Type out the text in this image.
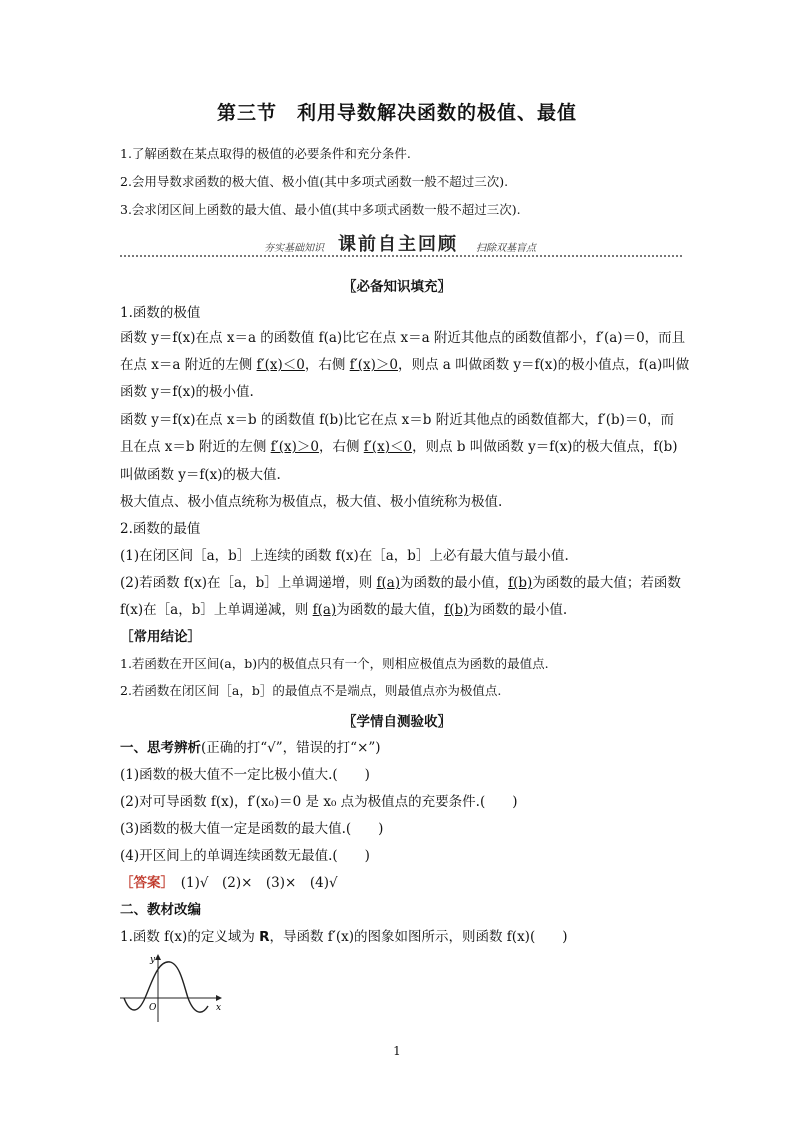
第三节　利用导数解决函数的极值、最值
1.了解函数在某点取得的极值的必要条件和充分条件.
2.会用导数求函数的极大值、极小值(其中多项式函数一般不超过三次).
3.会求闭区间上函数的最大值、最小值(其中多项式函数一般不超过三次).
夯实基础知识 课前自主回顾 扫除双基盲点
〖必备知识填充〗
1.函数的极值
函数 y＝f(x)在点 x＝a 的函数值 f(a)比它在点 x＝a 附近其他点的函数值都小，f′(a)＝0，而且
在点 x＝a 附近的左侧 f′(x)＜0，右侧 f′(x)＞0，则点 a 叫做函数 y＝f(x)的极小值点，f(a)叫做
函数 y＝f(x)的极小值.
函数 y＝f(x)在点 x＝b 的函数值 f(b)比它在点 x＝b 附近其他点的函数值都大，f′(b)＝0，而
且在点 x＝b 附近的左侧 f′(x)＞0，右侧 f′(x)＜0，则点 b 叫做函数 y＝f(x)的极大值点，f(b)
叫做函数 y＝f(x)的极大值.
极大值点、极小值点统称为极值点，极大值、极小值统称为极值.
2.函数的最值
(1)在闭区间［a，b］上连续的函数 f(x)在［a，b］上必有最大值与最小值.
(2)若函数 f(x)在［a，b］上单调递增，则 f(a)为函数的最小值，f(b)为函数的最大值；若函数
f(x)在［a，b］上单调递减，则 f(a)为函数的最大值，f(b)为函数的最小值.
［常用结论］
1.若函数在开区间(a，b)内的极值点只有一个，则相应极值点为函数的最值点.
2.若函数在闭区间［a，b］的最值点不是端点，则最值点亦为极值点.
〖学情自测验收〗
一、思考辨析(正确的打“√”，错误的打“×”)
(1)函数的极大值不一定比极小值大.(　　)
(2)对可导函数 f(x)，f′(x₀)＝0 是 x₀ 点为极值点的充要条件.(　　)
(3)函数的极大值一定是函数的最大值.(　　)
(4)开区间上的单调连续函数无最值.(　　)
［答案］　(1)√　(2)×　(3)×　(4)√
二、教材改编
1.函数 f(x)的定义域为 R，导函数 f′(x)的图象如图所示，则函数 f(x)(　　)
y
x
O
1
